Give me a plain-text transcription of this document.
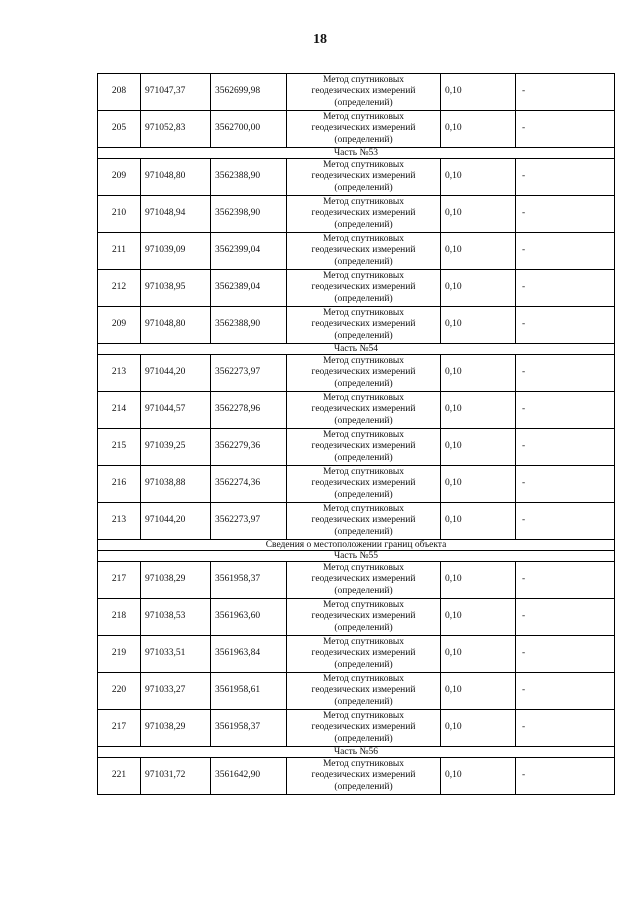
18
208	971047,37	3562699,98	Метод спутниковых
геодезических измерений
(определений)	0,10	-
205	971052,83	3562700,00	Метод спутниковых
геодезических измерений
(определений)	0,10	-
Часть №53					
209	971048,80	3562388,90	Метод спутниковых
геодезических измерений
(определений)	0,10	-
210	971048,94	3562398,90	Метод спутниковых
геодезических измерений
(определений)	0,10	-
211	971039,09	3562399,04	Метод спутниковых
геодезических измерений
(определений)	0,10	-
212	971038,95	3562389,04	Метод спутниковых
геодезических измерений
(определений)	0,10	-
209	971048,80	3562388,90	Метод спутниковых
геодезических измерений
(определений)	0,10	-
Часть №54					
213	971044,20	3562273,97	Метод спутниковых
геодезических измерений
(определений)	0,10	-
214	971044,57	3562278,96	Метод спутниковых
геодезических измерений
(определений)	0,10	-
215	971039,25	3562279,36	Метод спутниковых
геодезических измерений
(определений)	0,10	-
216	971038,88	3562274,36	Метод спутниковых
геодезических измерений
(определений)	0,10	-
213	971044,20	3562273,97	Метод спутниковых
геодезических измерений
(определений)	0,10	-
Сведения о местоположении границ объекта					
Часть №55					
217	971038,29	3561958,37	Метод спутниковых
геодезических измерений
(определений)	0,10	-
218	971038,53	3561963,60	Метод спутниковых
геодезических измерений
(определений)	0,10	-
219	971033,51	3561963,84	Метод спутниковых
геодезических измерений
(определений)	0,10	-
220	971033,27	3561958,61	Метод спутниковых
геодезических измерений
(определений)	0,10	-
217	971038,29	3561958,37	Метод спутниковых
геодезических измерений
(определений)	0,10	-
Часть №56					
221	971031,72	3561642,90	Метод спутниковых
геодезических измерений
(определений)	0,10	-
